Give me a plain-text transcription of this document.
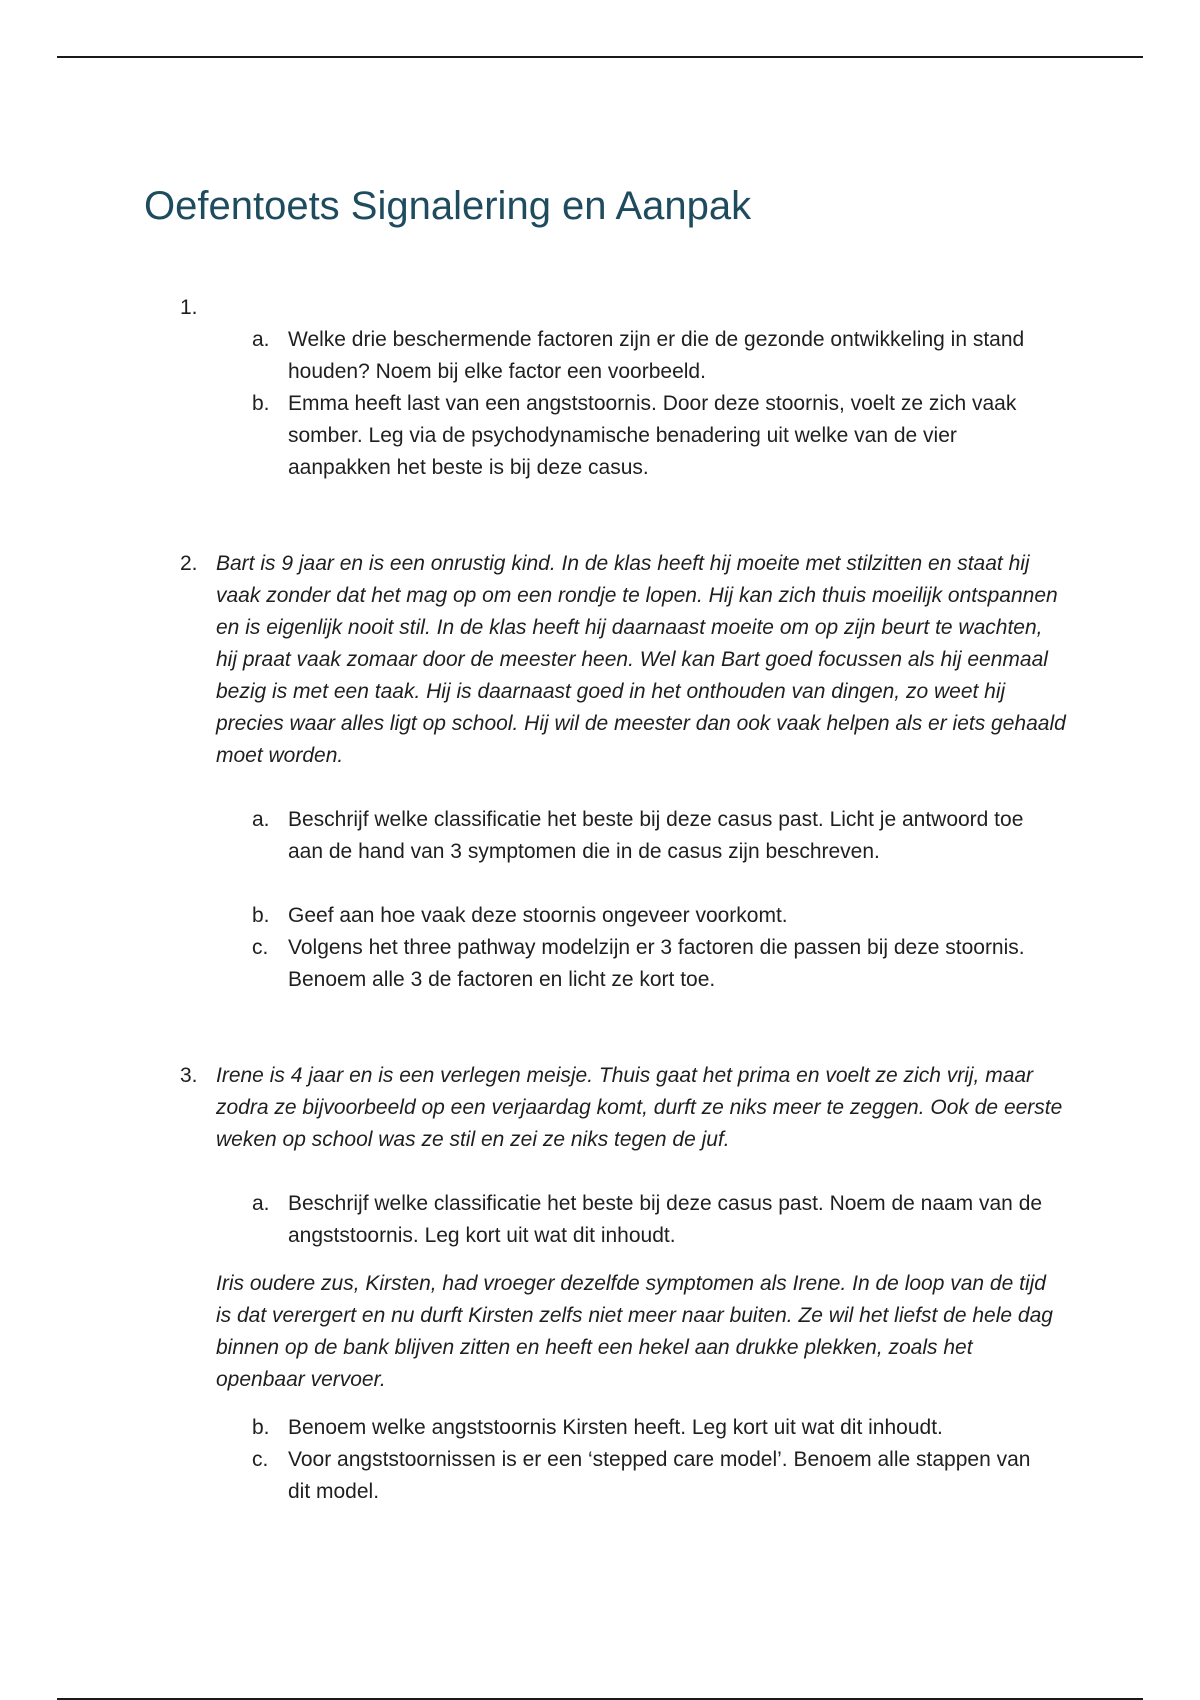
Oefentoets Signalering en Aanpak
1.
a. Welke drie beschermende factoren zijn er die de gezonde ontwikkeling in stand houden? Noem bij elke factor een voorbeeld.

b. Emma heeft last van een angststoornis. Door deze stoornis, voelt ze zich vaak somber. Leg via de psychodynamische benadering uit welke van de vier aanpakken het beste is bij deze casus.

2. Bart is 9 jaar en is een onrustig kind. In de klas heeft hij moeite met stilzitten en staat hij vaak zonder dat het mag op om een rondje te lopen. Hij kan zich thuis moeilijk ontspannen en is eigenlijk nooit stil. In de klas heeft hij daarnaast moeite om op zijn beurt te wachten, hij praat vaak zomaar door de meester heen. Wel kan Bart goed focussen als hij eenmaal bezig is met een taak. Hij is daarnaast goed in het onthouden van dingen, zo weet hij precies waar alles ligt op school. Hij wil de meester dan ook vaak helpen als er iets gehaald moet worden.

a. Beschrijf welke classificatie het beste bij deze casus past. Licht je antwoord toe aan de hand van 3 symptomen die in de casus zijn beschreven.

b. Geef aan hoe vaak deze stoornis ongeveer voorkomt.

c. Volgens het three pathway modelzijn er 3 factoren die passen bij deze stoornis. Benoem alle 3 de factoren en licht ze kort toe.

3. Irene is 4 jaar en is een verlegen meisje. Thuis gaat het prima en voelt ze zich vrij, maar zodra ze bijvoorbeeld op een verjaardag komt, durft ze niks meer te zeggen. Ook de eerste weken op school was ze stil en zei ze niks tegen de juf.

a. Beschrijf welke classificatie het beste bij deze casus past. Noem de naam van de angststoornis. Leg kort uit wat dit inhoudt.

Iris oudere zus, Kirsten, had vroeger dezelfde symptomen als Irene. In de loop van de tijd is dat verergert en nu durft Kirsten zelfs niet meer naar buiten. Ze wil het liefst de hele dag binnen op de bank blijven zitten en heeft een hekel aan drukke plekken, zoals het openbaar vervoer.

b. Benoem welke angststoornis Kirsten heeft. Leg kort uit wat dit inhoudt.

c. Voor angststoornissen is er een ‘stepped care model’. Benoem alle stappen van dit model.
